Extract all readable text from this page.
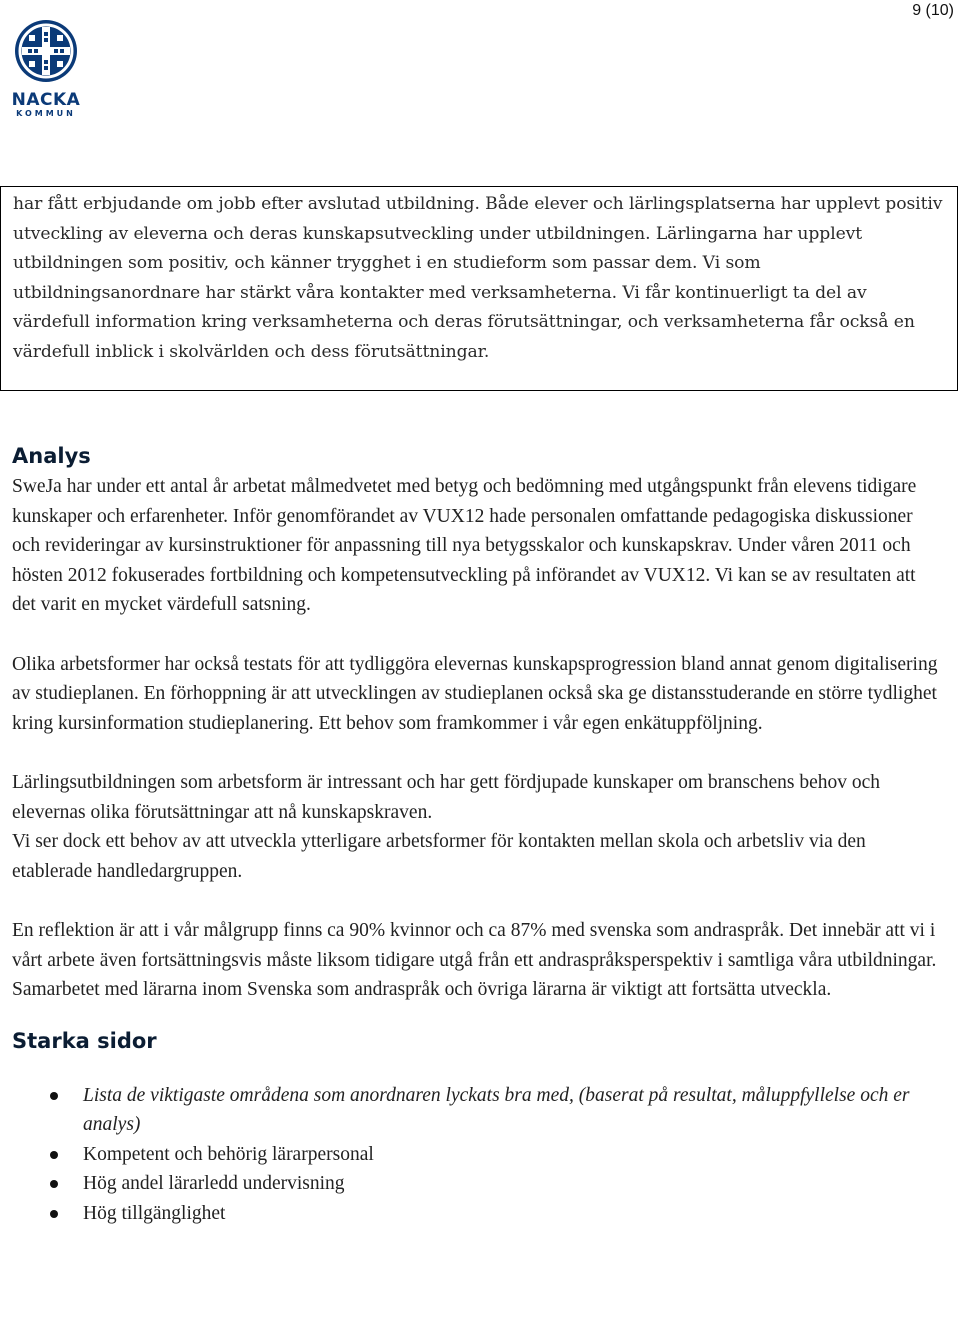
9 (10)
NACKA
KOMMUN

har fått erbjudande om jobb efter avslutad utbildning. Både elever och lärlingsplatserna har upplevt positiv utveckling av eleverna och deras kunskapsutveckling under utbildningen. Lärlingarna har upplevt utbildningen som positiv, och känner trygghet i en studieform som passar dem. Vi som utbildningsanordnare har stärkt våra kontakter med verksamheterna. Vi får kontinuerligt ta del av värdefull information kring verksamheterna och deras förutsättningar, och verksamheterna får också en värdefull inblick i skolvärlden och dess förutsättningar.

Analys

SweJa har under ett antal år arbetat målmedvetet med betyg och bedömning med utgångspunkt från elevens tidigare kunskaper och erfarenheter. Inför genomförandet av VUX12 hade personalen omfattande pedagogiska diskussioner och revideringar av kursinstruktioner för anpassning till nya betygsskalor och kunskapskrav. Under våren 2011 och hösten 2012 fokuserades fortbildning och kompetensutveckling på införandet av VUX12. Vi kan se av resultaten att det varit en mycket värdefull satsning.

Olika arbetsformer har också testats för att tydliggöra elevernas kunskapsprogression bland annat genom digitalisering av studieplanen. En förhoppning är att utvecklingen av studieplanen också ska ge distansstuderande en större tydlighet kring kursinformation studieplanering. Ett behov som framkommer i vår egen enkätuppföljning.

Lärlingsutbildningen som arbetsform är intressant och har gett fördjupade kunskaper om branschens behov och elevernas olika förutsättningar att nå kunskapskraven.

Vi ser dock ett behov av att utveckla ytterligare arbetsformer för kontakten mellan skola och arbetsliv via den etablerade handledargruppen.

En reflektion är att i vår målgrupp finns ca 90% kvinnor och ca 87% med svenska som andraspråk. Det innebär att vi i vårt arbete även fortsättningsvis måste liksom tidigare utgå från ett andraspråksperspektiv i samtliga våra utbildningar. Samarbetet med lärarna inom Svenska som andraspråk och övriga lärarna är viktigt att fortsätta utveckla.

Starka sidor
Lista de viktigaste områdena som anordnaren lyckats bra med, (baserat på resultat, måluppfyllelse och er analys)
Kompetent och behörig lärarpersonal
Hög andel lärarledd undervisning
Hög tillgänglighet
